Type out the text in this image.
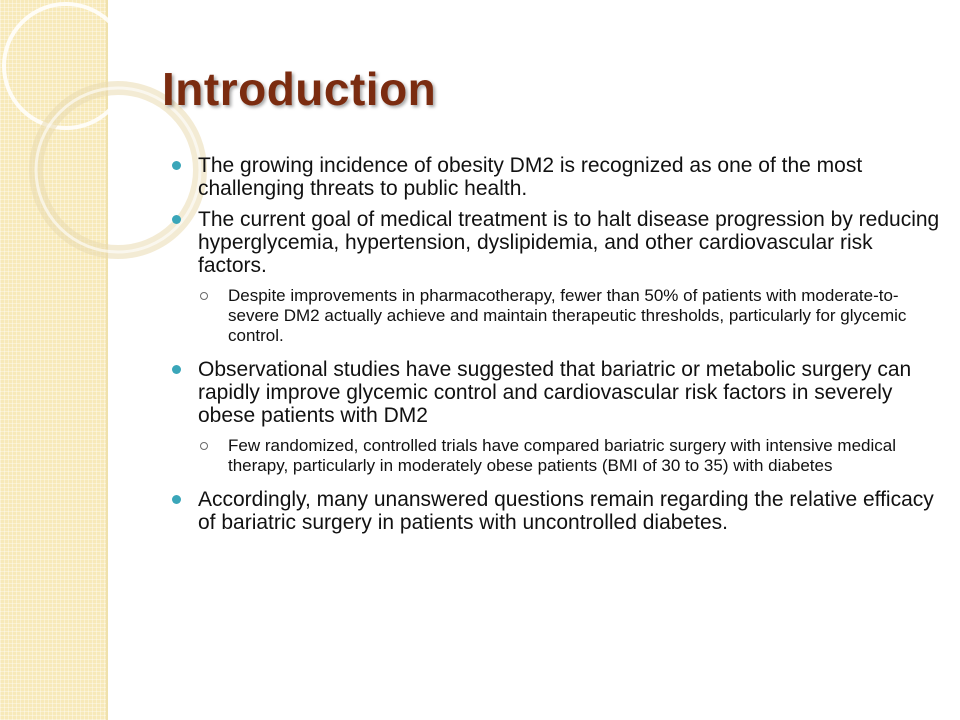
Introduction
The growing incidence of obesity DM2 is recognized as one of the most challenging threats to public health.
The current goal of medical treatment is to halt disease progression by reducing hyperglycemia, hypertension, dyslipidemia, and other cardiovascular risk factors.
Despite improvements in pharmacotherapy, fewer than 50% of patients with moderate-to-severe DM2 actually achieve and maintain therapeutic thresholds, particularly for glycemic control.
Observational studies have suggested that bariatric or metabolic surgery can rapidly improve glycemic control and cardiovascular risk factors in severely obese patients with DM2
Few randomized, controlled trials have compared bariatric surgery with intensive medical therapy, particularly in moderately obese patients (BMI of 30 to 35) with diabetes
Accordingly, many unanswered questions remain regarding the relative efficacy of bariatric surgery in patients with uncontrolled diabetes.
